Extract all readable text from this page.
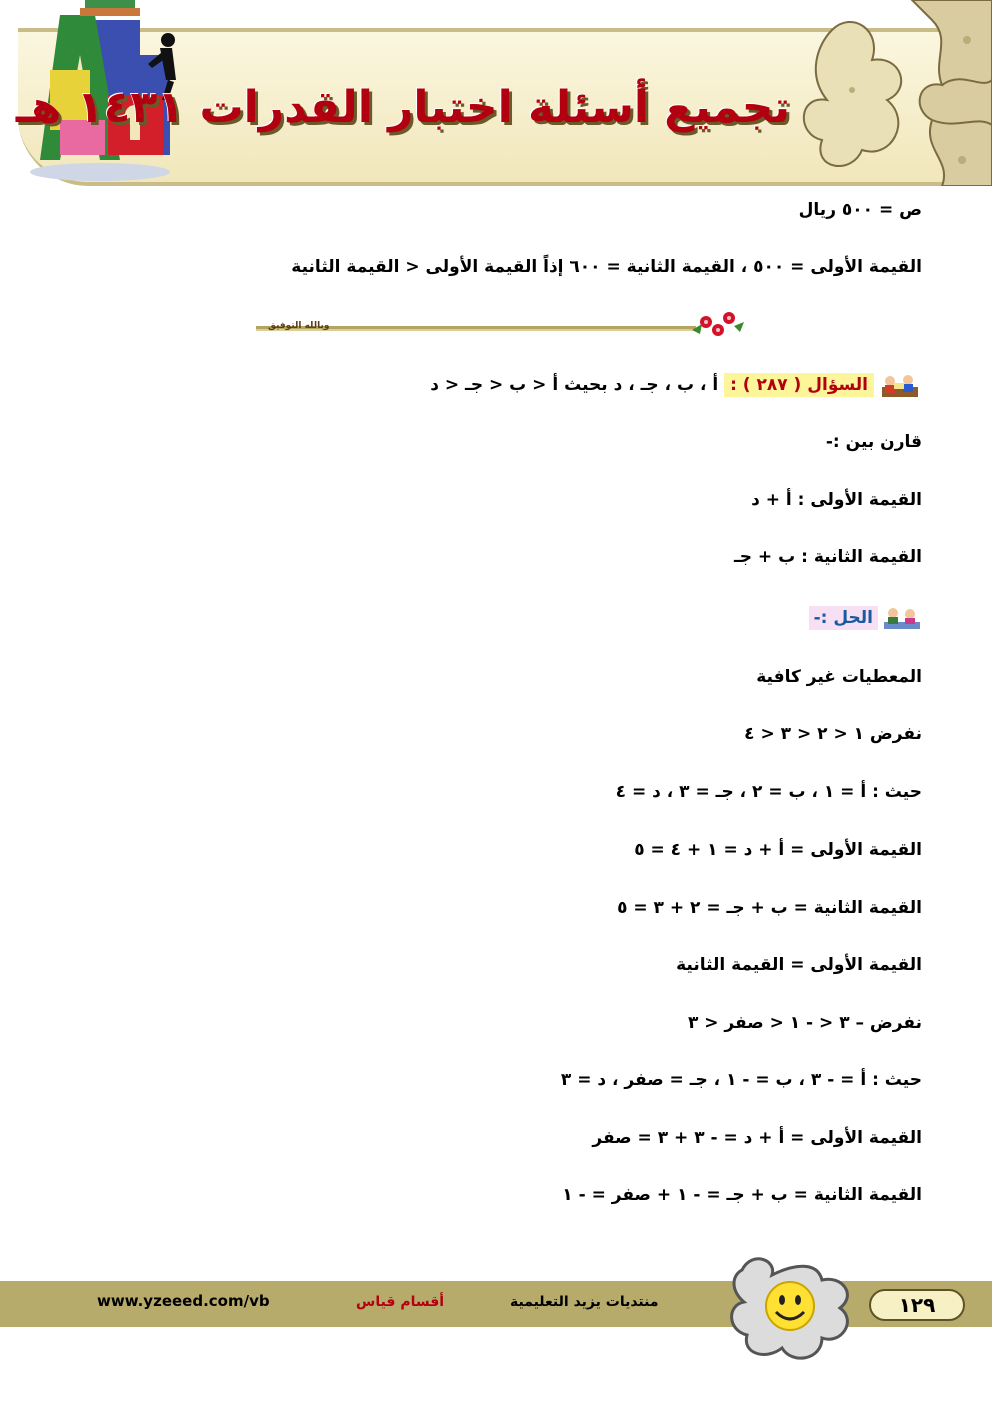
تجميع أسئلة اختبار القدرات ١٤٣١ هـ
ص = ٥٠٠ ريال
القيمة الأولى = ٥٠٠ ، القيمة الثانية = ٦٠٠ إذاً القيمة الأولى < القيمة الثانية
وبالله التوفيق
السؤال ( ٢٨٧ ) : أ ، ب ، جـ ، د بحيث أ < ب < جـ < د
قارن بين :-
القيمة الأولى : أ + د
القيمة الثانية : ب + جـ
الحل :-
المعطيات غير كافية
نفرض ١ < ٢ < ٣ < ٤
حيث : أ = ١ ، ب = ٢ ، جـ = ٣ ، د = ٤
القيمة الأولى = أ + د = ١ + ٤ = ٥
القيمة الثانية = ب + جـ = ٢ + ٣ = ٥
القيمة الأولى = القيمة الثانية
نفرض – ٣ < - ١ < صفر < ٣
حيث : أ = - ٣ ، ب = - ١ ، جـ = صفر ، د = ٣
القيمة الأولى = أ + د = - ٣ + ٣ = صفر
القيمة الثانية = ب + جـ = - ١ + صفر = - ١
www.yzeeed.com/vb	أقسام قياس	منتديات يزيد التعليمية	١٢٩
